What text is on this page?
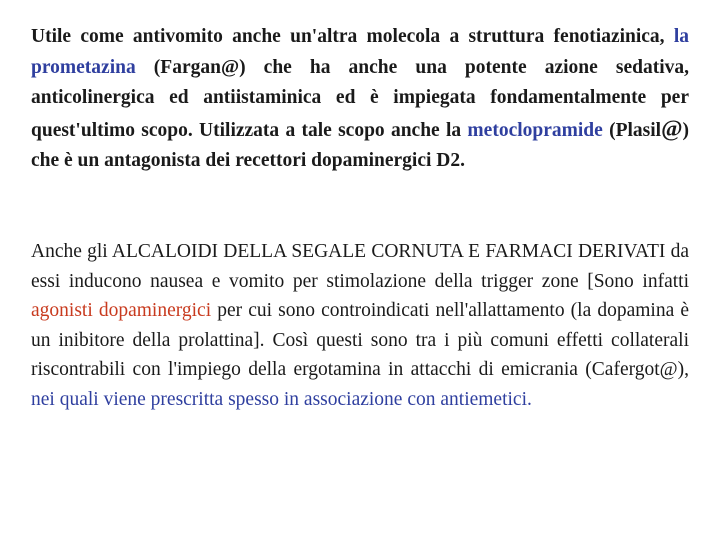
Utile come antivomito anche un'altra molecola a struttura fenotiazinica, la prometazina (Fargan@) che ha anche una potente azione sedativa, anticolinergica ed antiistaminica ed è impiegata fondamentalmente per quest'ultimo scopo. Utilizzata a tale scopo anche la metoclopramide (Plasil@) che è un antagonista dei recettori dopaminergici D2.

Anche gli ALCALOIDI DELLA SEGALE CORNUTA E FARMACI DERIVATI da essi inducono nausea e vomito per stimolazione della trigger zone [Sono infatti agonisti dopaminergici per cui sono controindicati nell'allattamento (la dopamina è un inibitore della prolattina]. Così questi sono tra i più comuni effetti collaterali riscontrabili con l'impiego della ergotamina in attacchi di emicrania (Cafergot@), nei quali viene prescritta spesso in associazione con antiemetici.
